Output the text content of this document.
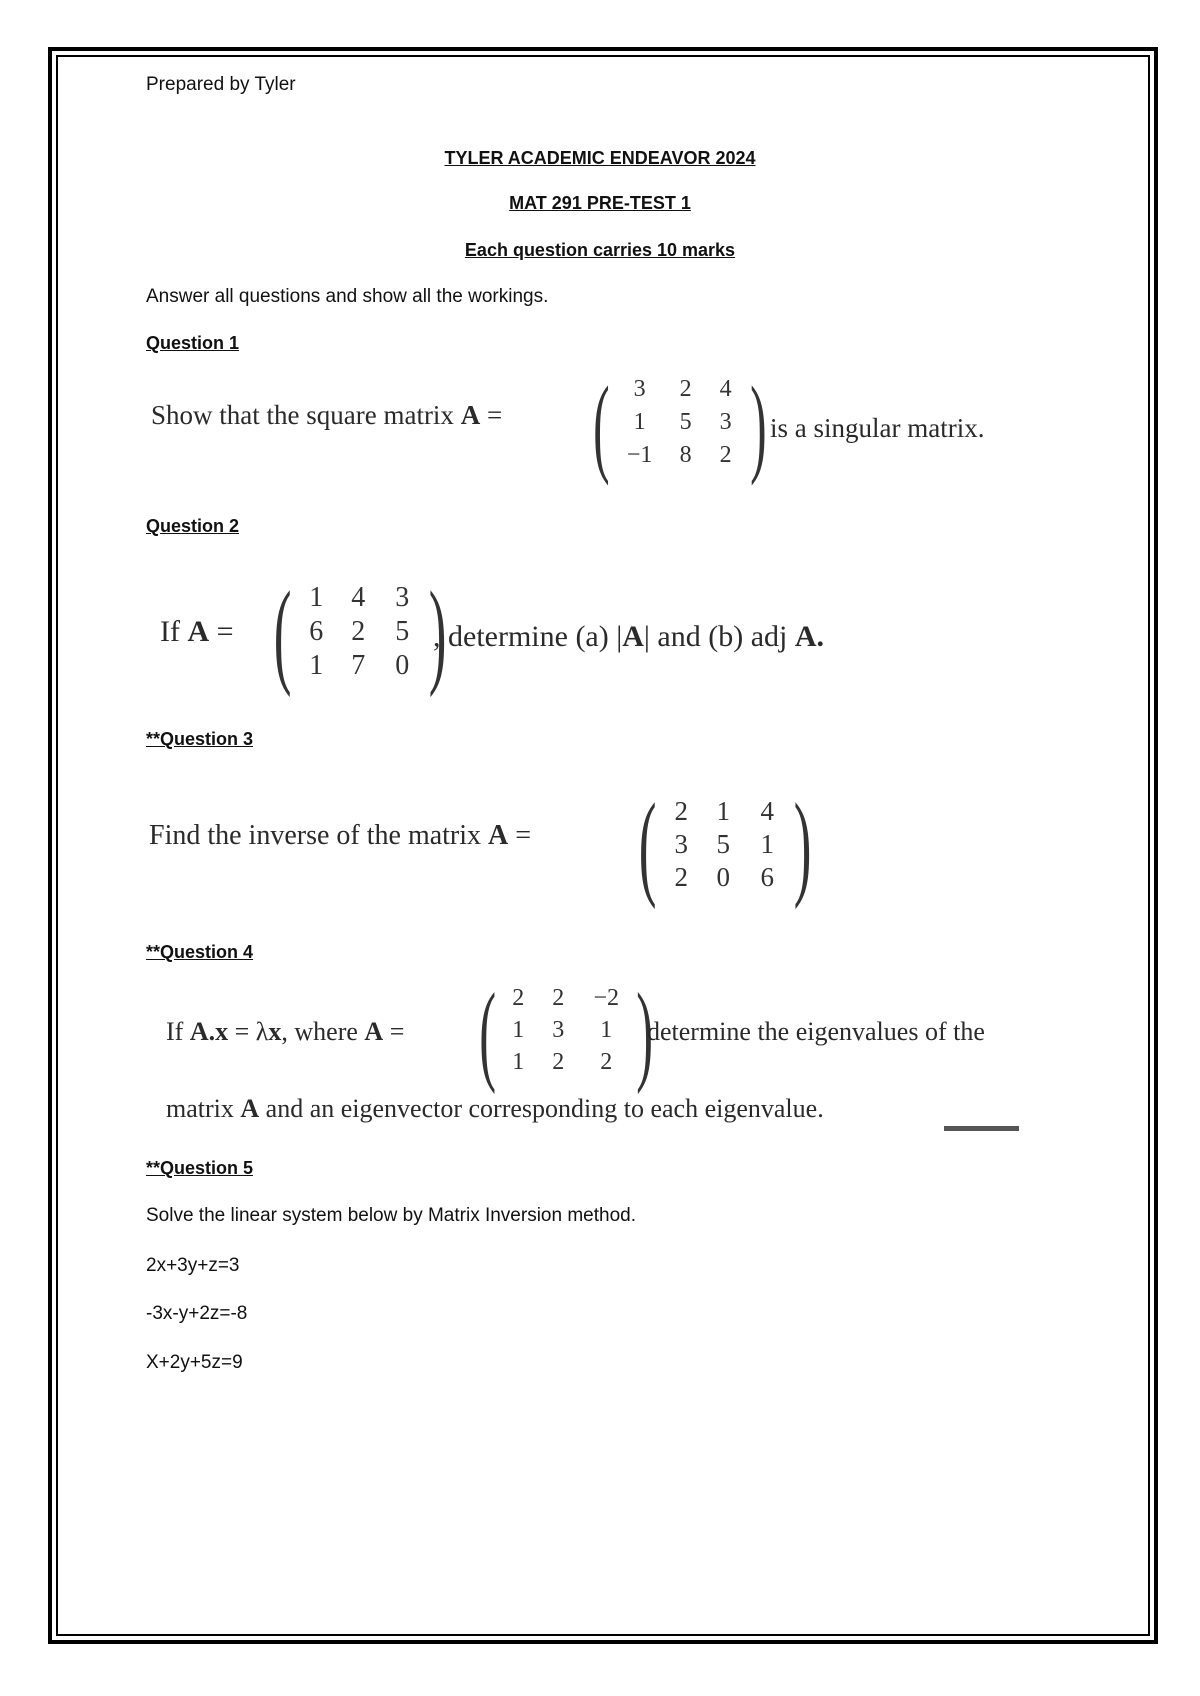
Prepared by Tyler
TYLER ACADEMIC ENDEAVOR 2024
MAT 291 PRE-TEST 1
Each question carries 10 marks
Answer all questions and show all the workings.
Question 1
Show that the square matrix A = (	3	2	4
1	5	3
−1	8	2 ) is a singular matrix.
Question 2
If A = ( 1	4	3
6	2	5
1	7	0 )
, determine (a) |A| and (b) adj A.
**Question 3
Find the inverse of the matrix A = ( 2	1	4
3	5	1
2	0	6 )
**Question 4
If A.x = λx, where A = ( 2	2	−2
1	3	1
1	2	2 )
determine the eigenvalues of the
matrix A and an eigenvector corresponding to each eigenvalue.
**Question 5
Solve the linear system below by Matrix Inversion method.
2x+3y+z=3
-3x-y+2z=-8
X+2y+5z=9
